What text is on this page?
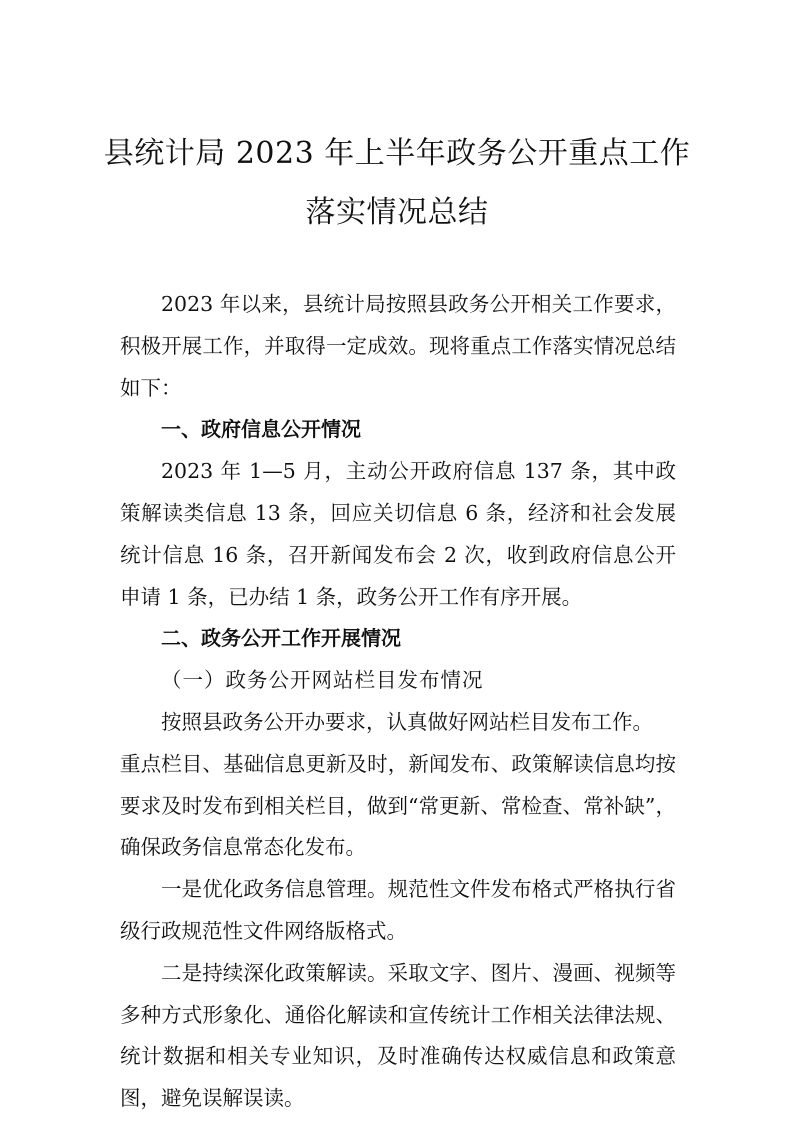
县统计局 2023 年上半年政务公开重点工作
落实情况总结

2023 年以来，县统计局按照县政务公开相关工作要求，积极开展工作，并取得一定成效。现将重点工作落实情况总结如下：

一、政府信息公开情况

2023 年 1—5 月，主动公开政府信息 137 条，其中政策解读类信息 13 条，回应关切信息 6 条，经济和社会发展统计信息 16 条，召开新闻发布会 2 次，收到政府信息公开申请 1 条，已办结 1 条，政务公开工作有序开展。

二、政务公开工作开展情况

（一）政务公开网站栏目发布情况

按照县政务公开办要求，认真做好网站栏目发布工作。

重点栏目、基础信息更新及时，新闻发布、政策解读信息均按要求及时发布到相关栏目，做到“常更新、常检查、常补缺”，确保政务信息常态化发布。

一是优化政务信息管理。规范性文件发布格式严格执行省级行政规范性文件网络版格式。

二是持续深化政策解读。采取文字、图片、漫画、视频等多种方式形象化、通俗化解读和宣传统计工作相关法律法规、统计数据和相关专业知识，及时准确传达权威信息和政策意图，避免误解误读。
